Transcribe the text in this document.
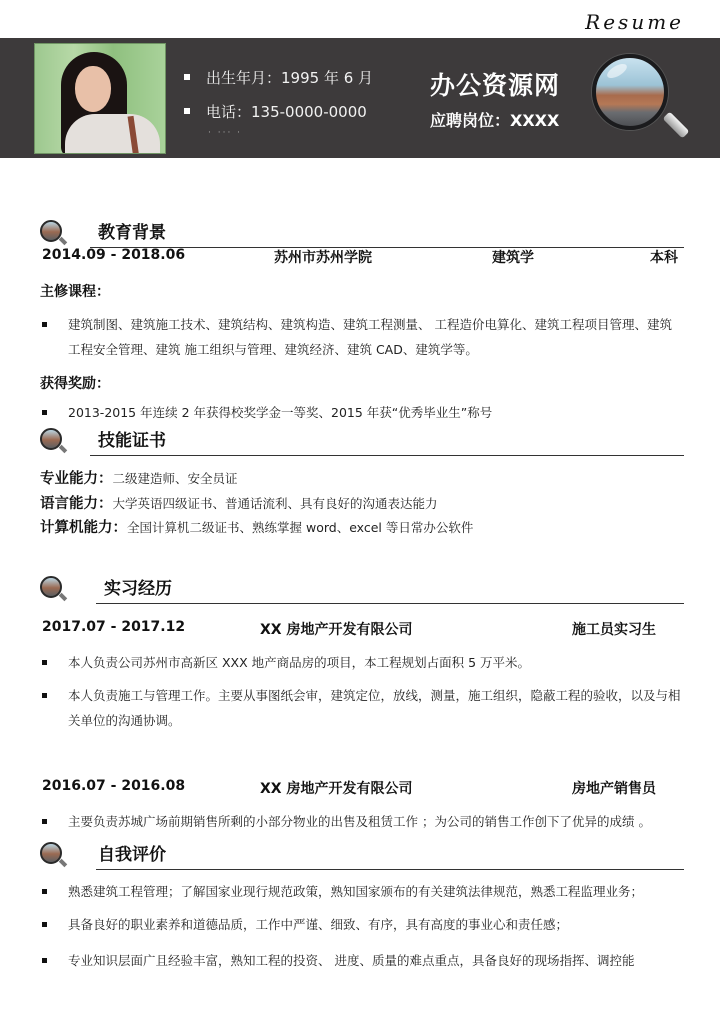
Resume
出生年月：1995 年 6 月
电话：135-0000-0000
· ··· ·
办公资源网
应聘岗位：XXXX
教育背景
2014.09 - 2018.06	苏州市苏州学院	建筑学	本科
主修课程：
建筑制图、建筑施工技术、建筑结构、建筑构造、建筑工程测量、 工程造价电算化、建筑工程项目管理、建筑工程安全管理、建筑 施工组织与管理、建筑经济、建筑 CAD、建筑学等。
获得奖励：
2013-2015 年连续 2 年获得校奖学金一等奖、2015 年获“优秀毕业生”称号
技能证书
专业能力：二级建造师、安全员证
语言能力：大学英语四级证书、普通话流利、具有良好的沟通表达能力
计算机能力：全国计算机二级证书、熟练掌握 word、excel 等日常办公软件
实习经历
2017.07 - 2017.12	XX 房地产开发有限公司	施工员实习生
本人负责公司苏州市高新区 XXX 地产商品房的项目，本工程规划占面积 5 万平米。
本人负责施工与管理工作。主要从事图纸会审，建筑定位，放线，测量，施工组织，隐蔽工程的验收，以及与相关单位的沟通协调。
2016.07 - 2016.08	XX 房地产开发有限公司	房地产销售员
主要负责苏城广场前期销售所剩的小部分物业的出售及租赁工作 ；为公司的销售工作创下了优异的成绩 。
自我评价
熟悉建筑工程管理；了解国家业现行规范政策，熟知国家颁布的有关建筑法律规范，熟悉工程监理业务；
具备良好的职业素养和道德品质，工作中严谨、细致、有序，具有高度的事业心和责任感；
专业知识层面广且经验丰富，熟知工程的投资、 进度、质量的难点重点，具备良好的现场指挥、调控能
